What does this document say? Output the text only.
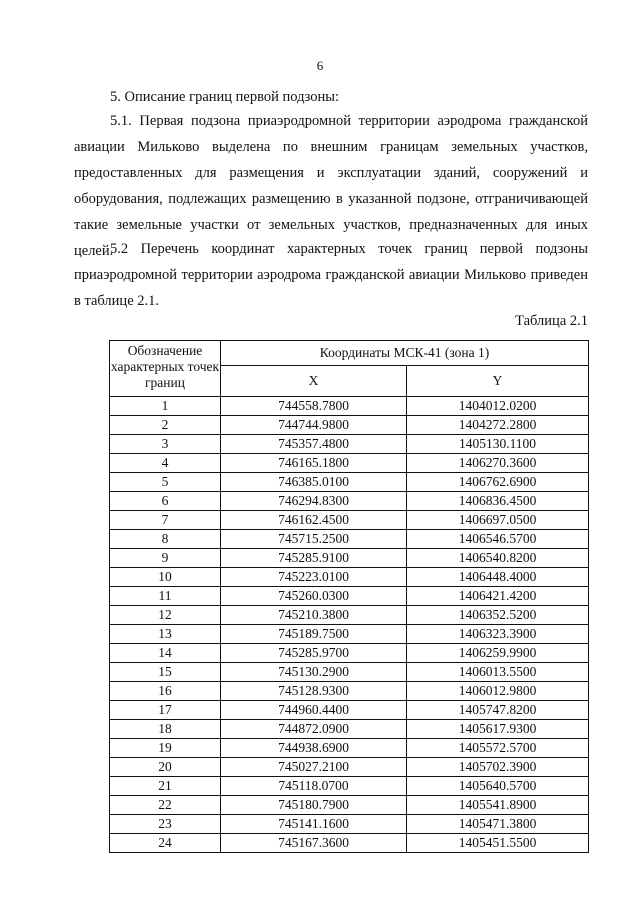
6
5. Описание границ первой подзоны:
5.1. Первая подзона приаэродромной территории аэродрома гражданской авиации Мильково выделена по внешним границам земельных участков, предоставленных для размещения и эксплуатации зданий, сооружений и оборудования, подлежащих размещению в указанной подзоне, отграничивающей такие земельные участки от земельных участков, предназначенных для иных целей.
5.2 Перечень координат характерных точек границ первой подзоны приаэродромной территории аэродрома гражданской авиации Мильково приведен в таблице 2.1.
Таблица 2.1
Обозначение характерных точек границ	Координаты МСК-41 (зона 1)	
	X	Y
1	744558.7800	1404012.0200
2	744744.9800	1404272.2800
3	745357.4800	1405130.1100
4	746165.1800	1406270.3600
5	746385.0100	1406762.6900
6	746294.8300	1406836.4500
7	746162.4500	1406697.0500
8	745715.2500	1406546.5700
9	745285.9100	1406540.8200
10	745223.0100	1406448.4000
11	745260.0300	1406421.4200
12	745210.3800	1406352.5200
13	745189.7500	1406323.3900
14	745285.9700	1406259.9900
15	745130.2900	1406013.5500
16	745128.9300	1406012.9800
17	744960.4400	1405747.8200
18	744872.0900	1405617.9300
19	744938.6900	1405572.5700
20	745027.2100	1405702.3900
21	745118.0700	1405640.5700
22	745180.7900	1405541.8900
23	745141.1600	1405471.3800
24	745167.3600	1405451.5500
